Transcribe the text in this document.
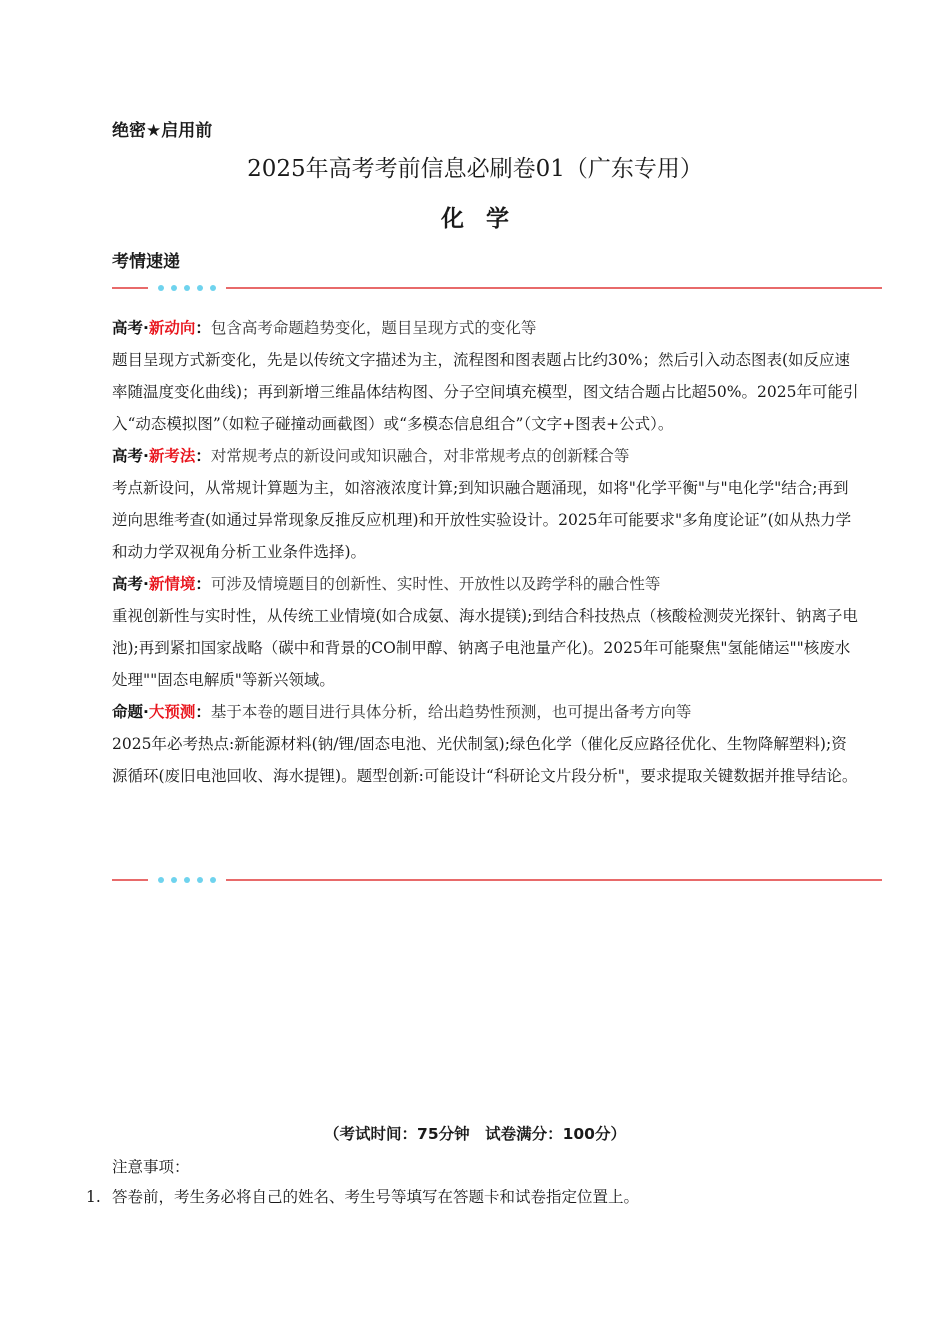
绝密★启用前
2025年高考考前信息必刷卷01（广东专用）
化学
考情速递
高考·新动向：包含高考命题趋势变化，题目呈现方式的变化等

题目呈现方式新变化，先是以传统文字描述为主，流程图和图表题占比约30%；然后引入动态图表(如反应速率随温度变化曲线)；再到新增三维晶体结构图、分子空间填充模型，图文结合题占比超50%。2025年可能引入“动态模拟图”（如粒子碰撞动画截图）或“多模态信息组合”（文字+图表+公式）。

高考·新考法：对常规考点的新设问或知识融合，对非常规考点的创新糅合等

考点新设问，从常规计算题为主，如溶液浓度计算;到知识融合题涌现，如将"化学平衡"与"电化学"结合;再到逆向思维考查(如通过异常现象反推反应机理)和开放性实验设计。2025年可能要求"多角度论证”(如从热力学和动力学双视角分析工业条件选择)。

高考·新情境：可涉及情境题目的创新性、实时性、开放性以及跨学科的融合性等

重视创新性与实时性，从传统工业情境(如合成氨、海水提镁);到结合科技热点（核酸检测荧光探针、钠离子电池);再到紧扣国家战略（碳中和背景的CO制甲醇、钠离子电池量产化)。2025年可能聚焦"氢能储运""核废水处理""固态电解质"等新兴领域。

命题·大预测：基于本卷的题目进行具体分析，给出趋势性预测，也可提出备考方向等

2025年必考热点:新能源材料(钠/锂/固态电池、光伏制氢);绿色化学（催化反应路径优化、生物降解塑料);资源循环(废旧电池回收、海水提锂)。题型创新:可能设计“科研论文片段分析"，要求提取关键数据并推导结论。

（考试时间：75分钟　试卷满分：100分）
注意事项：
1. 答卷前，考生务必将自己的姓名、考生号等填写在答题卡和试卷指定位置上。
